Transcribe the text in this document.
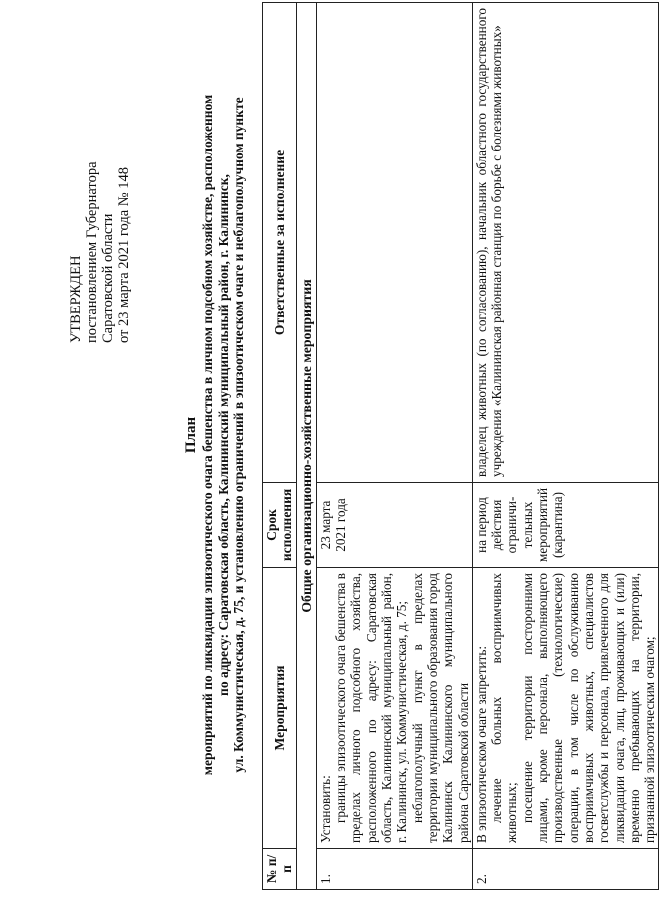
УТВЕРЖДЕН постановлением Губернатора Саратовской области от 23 марта 2021 года № 148
План мероприятий по ликвидации эпизоотического очага бешенства в личном подсобном хозяйстве, расположенном по адресу: Саратовская область, Калининский муниципальный район, г. Калининск, ул. Коммунистическая, д. 75, и установлению ограничений в эпизоотическом очаге и неблагополучном пункте
№ п/п	Мероприятия	Срок исполнения	Ответственные за исполнение
Общие организационно-хозяйственные мероприятия			
1.	Установить: границы эпизоотического очага бешенства в пределах личного подсобного хозяйства, расположенного по адресу: Саратовская область, Калининский муниципальный район, г. Калининск, ул. Коммунистическая, д. 75; неблагополучный пункт в пределах территории муниципального образования город Калининск Калининского муниципального района Саратовской области	23 марта 2021 года	
2.	В эпизоотическом очаге запретить: лечение больных восприимчивых животных; посещение территории посторонними лицами, кроме персонала, выполняющего производственные (технологические) операции, в том числе по обслуживанию восприимчивых животных, специалистов госветслужбы и персонала, привлеченного для ликвидации очага, лиц, проживающих и (или) временно пребывающих на территории, признанной эпизоотическим очагом;	на период действия ограничи-тельных мероприятий (карантина)	владелец животных (по согласованию), начальник областного государственного учреждения «Калининская районная станция по борьбе с болезнями животных»
